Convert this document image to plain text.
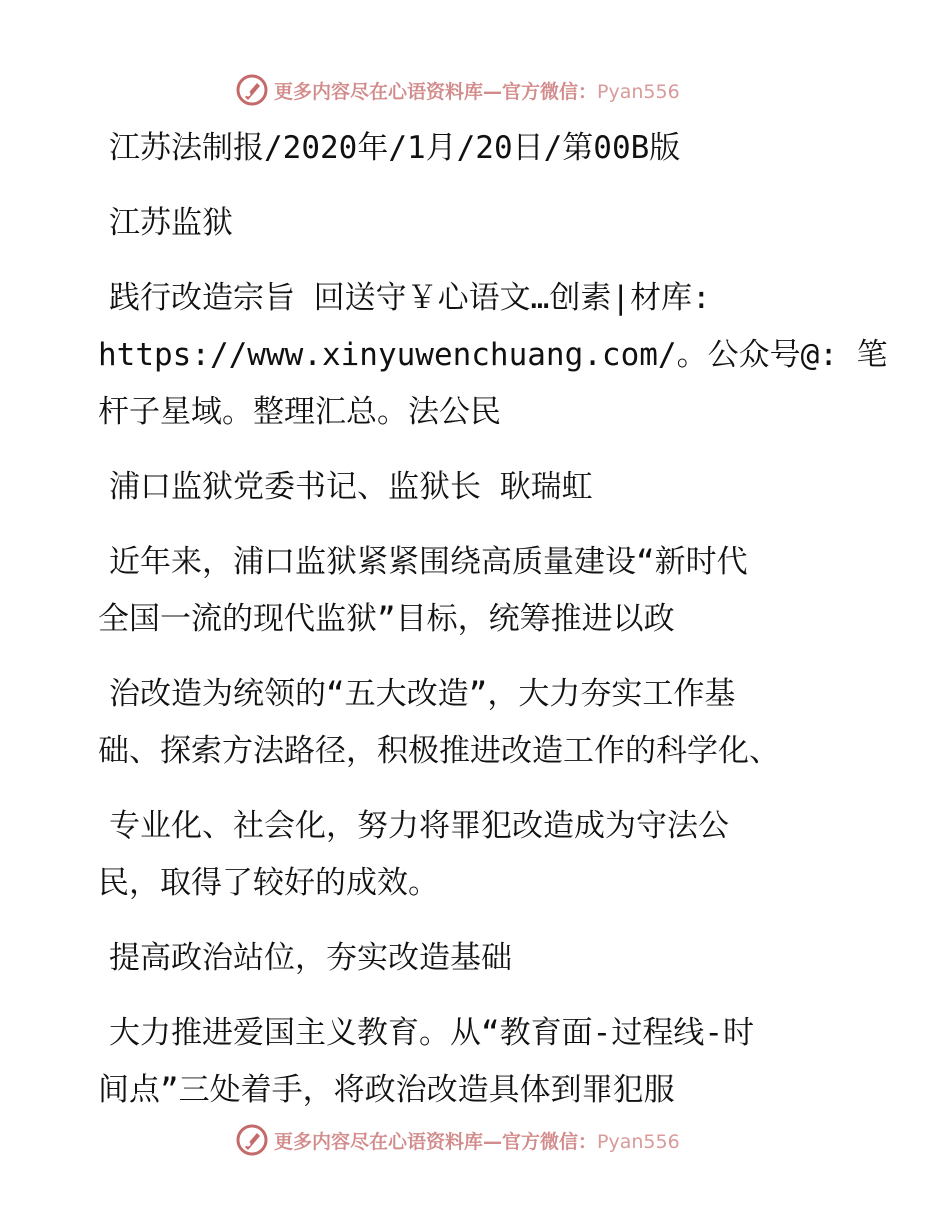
更多内容尽在心语资料库—官方微信：Pyan556

江苏法制报/2020年/1月/20日/第00B版

江苏监狱

践行改造宗旨 回送守￥心语文…创素|材库:

https://www.xinyuwenchuang.com/。公众号@: 笔

杆子星域。整理汇总。法公民

浦口监狱党委书记、监狱长 耿瑞虹

近年来，浦口监狱紧紧围绕高质量建设“新时代

全国一流的现代监狱”目标，统筹推进以政

治改造为统领的“五大改造”，大力夯实工作基

础、探索方法路径，积极推进改造工作的科学化、

专业化、社会化，努力将罪犯改造成为守法公

民，取得了较好的成效。

提高政治站位，夯实改造基础

大力推进爱国主义教育。从“教育面-过程线-时

间点”三处着手，将政治改造具体到罪犯服

更多内容尽在心语资料库—官方微信：Pyan556
